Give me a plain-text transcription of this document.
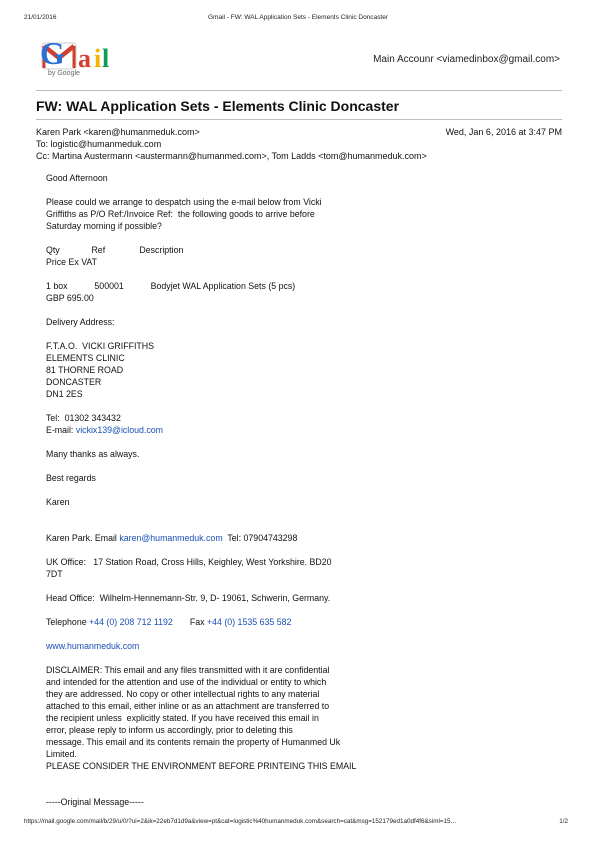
21/01/2016	Gmail - FW: WAL Application Sets - Elements Clinic Doncaster
a i l
G
by Google
Main Accounr <viamedinbox@gmail.com>
FW: WAL Application Sets - Elements Clinic Doncaster
Karen Park <karen@humanmeduk.com>	Wed, Jan 6, 2016 at 3:47 PM
To: logistic@humanmeduk.com
Cc: Martina Austermann <austermann@humanmed.com>, Tom Ladds <tom@humanmeduk.com>

Good Afternoon

Please could we arrange to despatch using the e-mail below from Vicki

Griffiths as P/O Ref:/Invoice Ref:  the following goods to arrive before

Saturday morning if possible?

Qty             Ref              Description

Price Ex VAT

1 box           500001           Bodyjet WAL Application Sets (5 pcs)

GBP 695.00

Delivery Address:

F.T.A.O.  VICKI GRIFFITHS

ELEMENTS CLINIC

81 THORNE ROAD

DONCASTER

DN1 2ES

Tel:  01302 343432

E-mail: vickix139@icloud.com

Many thanks as always.

Best regards

Karen

Karen Park. Email karen@humanmeduk.com  Tel: 07904743298

UK Office:   17 Station Road, Cross Hills, Keighley, West Yorkshire. BD20

7DT

Head Office:  Wilhelm-Hennemann-Str. 9, D- 19061, Schwerin, Germany.

Telephone +44 (0) 208 712 1192       Fax +44 (0) 1535 635 582

www.humanmeduk.com

DISCLAIMER: This email and any files transmitted with it are confidential

and intended for the attention and use of the individual or entity to which

they are addressed. No copy or other intellectual rights to any material

attached to this email, either inline or as an attachment are transferred to

the recipient unless  explicitly stated. If you have received this email in

error, please reply to inform us accordingly, prior to deleting this

message. This email and its contents remain the property of Humanmed Uk

Limited.

PLEASE CONSIDER THE ENVIRONMENT BEFORE PRINTEING THIS EMAIL

-----Original Message-----

https://mail.google.com/mail/b/29/u/0/?ui=2&ik=22eb7d1d9a&view=pt&cat=logistic%40humanmeduk.com&search=cat&msg=152179ed1a0df4f6&siml=15…	1/2
